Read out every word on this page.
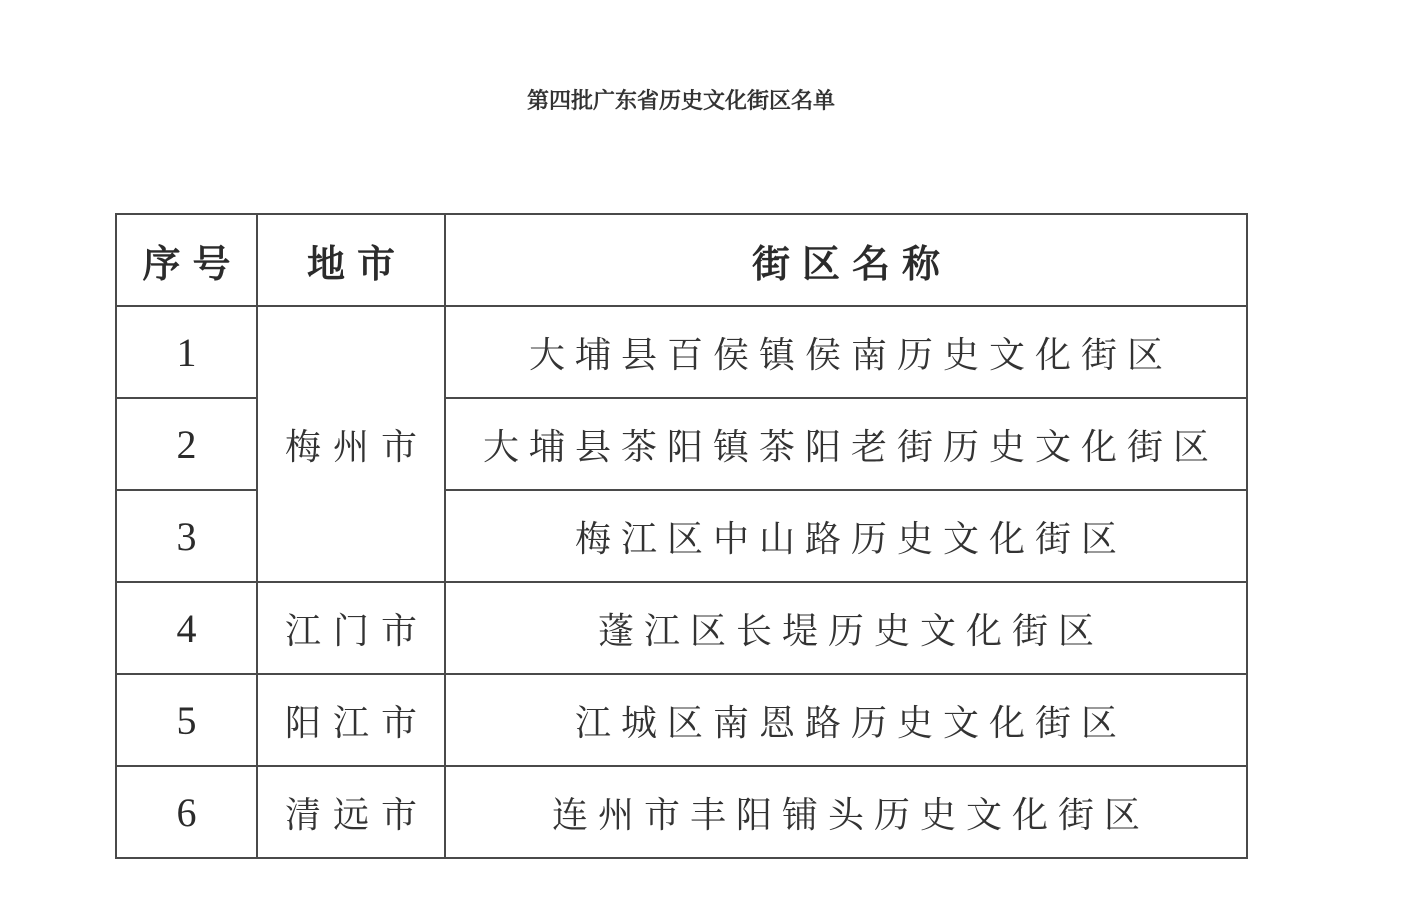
第四批广东省历史文化街区名单
序号	地市	街区名称
1	梅州市	大埔县百侯镇侯南历史文化街区
2		大埔县茶阳镇茶阳老街历史文化街区
3		梅江区中山路历史文化街区
4	江门市	蓬江区长堤历史文化街区
5	阳江市	江城区南恩路历史文化街区
6	清远市	连州市丰阳铺头历史文化街区
